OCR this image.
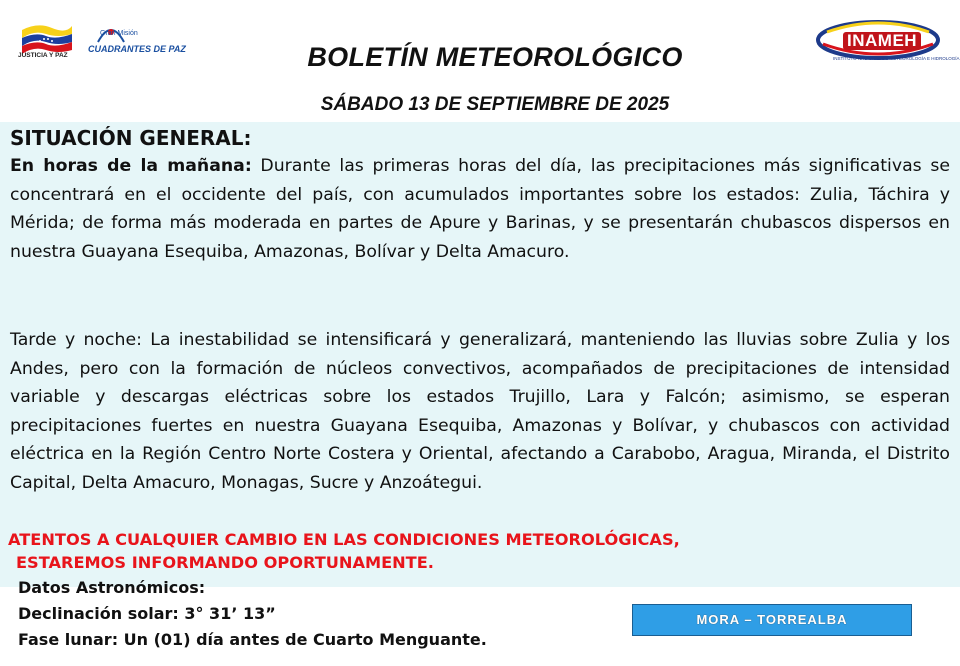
JUSTICIA Y PAZ
Gran Misión
CUADRANTES DE PAZ	INAMEH
INSTITUTO NACIONAL DE METEOROLOGÍA E HIDROLOGÍA
BOLETÍN METEOROLÓGICO
SÁBADO 13 DE SEPTIEMBRE DE 2025
SITUACIÓN GENERAL:
En horas de la mañana: Durante las primeras horas del día, las precipitaciones más significativas se concentrará en el occidente del país, con acumulados importantes sobre los estados: Zulia, Táchira y Mérida; de forma más moderada en partes de Apure y Barinas, y se presentarán chubascos dispersos en nuestra Guayana Esequiba, Amazonas, Bolívar y Delta Amacuro.
Tarde y noche: La inestabilidad se intensificará y generalizará, manteniendo las lluvias sobre Zulia y los Andes, pero con la formación de núcleos convectivos, acompañados de precipitaciones de intensidad variable y descargas eléctricas sobre los estados Trujillo, Lara y Falcón; asimismo, se esperan precipitaciones fuertes en nuestra Guayana Esequiba, Amazonas y Bolívar, y chubascos con actividad eléctrica en la Región Centro Norte Costera y Oriental, afectando a Carabobo, Aragua, Miranda, el Distrito Capital, Delta Amacuro, Monagas, Sucre y Anzoátegui.
ATENTOS A CUALQUIER CAMBIO EN LAS CONDICIONES METEOROLÓGICAS,
ESTAREMOS INFORMANDO OPORTUNAMENTE.
Datos Astronómicos:
Declinación solar: 3° 31’ 13”
Fase lunar: Un (01) día antes de Cuarto Menguante.
MORA – TORREALBA
